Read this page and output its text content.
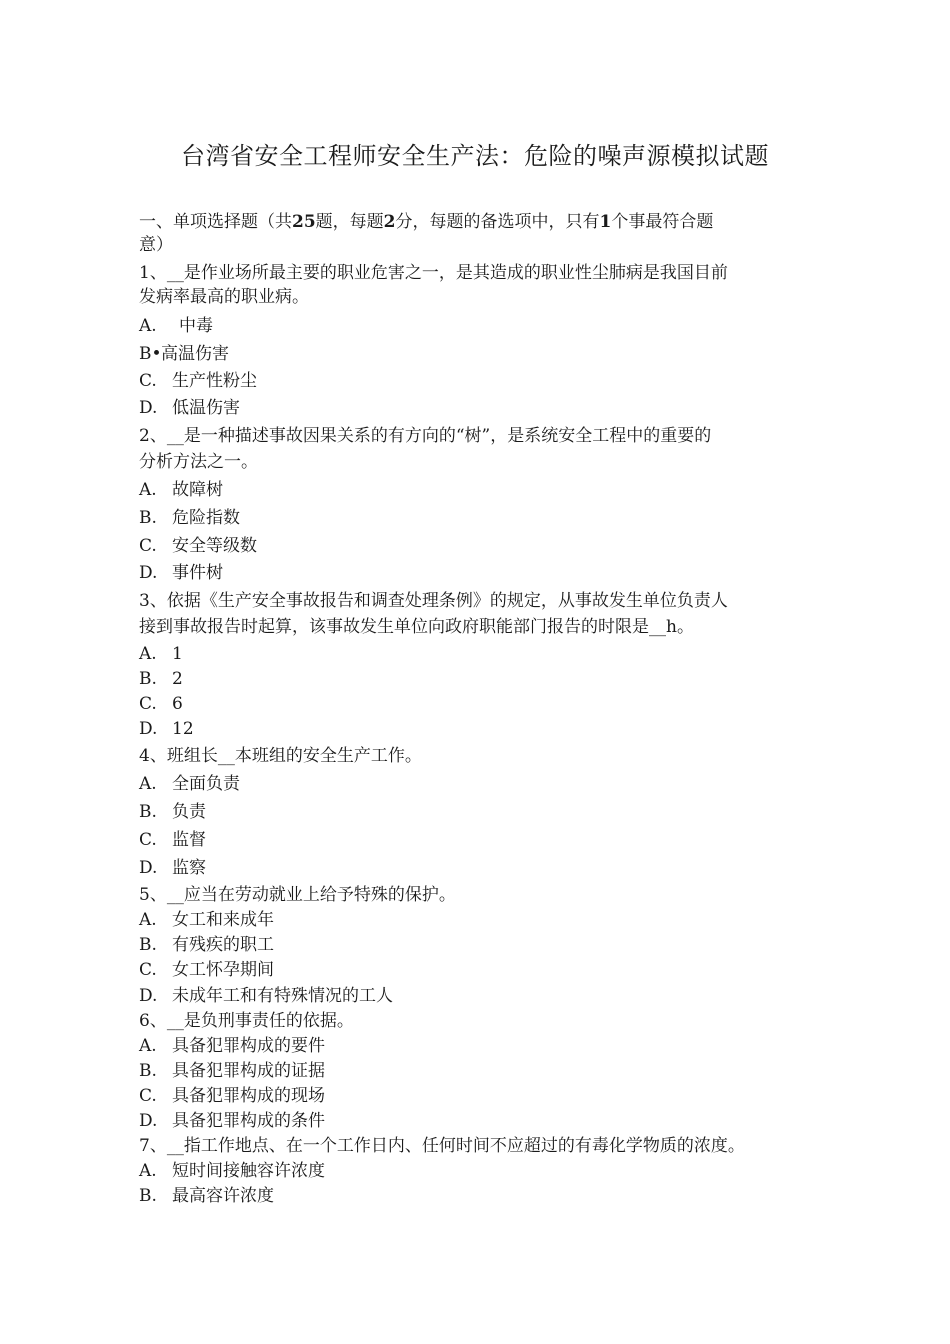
台湾省安全工程师安全生产法：危险的噪声源模拟试题
一、单项选择题（共25题，每题2分，每题的备选项中，只有1个事最符合题
意）
1、__是作业场所最主要的职业危害之一，是其造成的职业性尘肺病是我国目前
发病率最高的职业病。
A. 中毒
B•高温伤害
C. 生产性粉尘
D. 低温伤害
2、__是一种描述事故因果关系的有方向的“树”，是系统安全工程中的重要的
分析方法之一。
A. 故障树
B. 危险指数
C. 安全等级数
D. 事件树
3、依据《生产安全事故报告和调查处理条例》的规定，从事故发生单位负责人
接到事故报告时起算，该事故发生单位向政府职能部门报告的时限是__h。
A. 1
B. 2
C. 6
D. 12
4、班组长__本班组的安全生产工作。
A. 全面负责
B. 负责
C. 监督
D. 监察
5、__应当在劳动就业上给予特殊的保护。
A. 女工和来成年
B. 有残疾的职工
C. 女工怀孕期间
D. 未成年工和有特殊情况的工人
6、__是负刑事责任的依据。
A. 具备犯罪构成的要件
B. 具备犯罪构成的证据
C. 具备犯罪构成的现场
D. 具备犯罪构成的条件
7、__指工作地点、在一个工作日内、任何时间不应超过的有毒化学物质的浓度。
A. 短时间接触容许浓度
B. 最高容许浓度
